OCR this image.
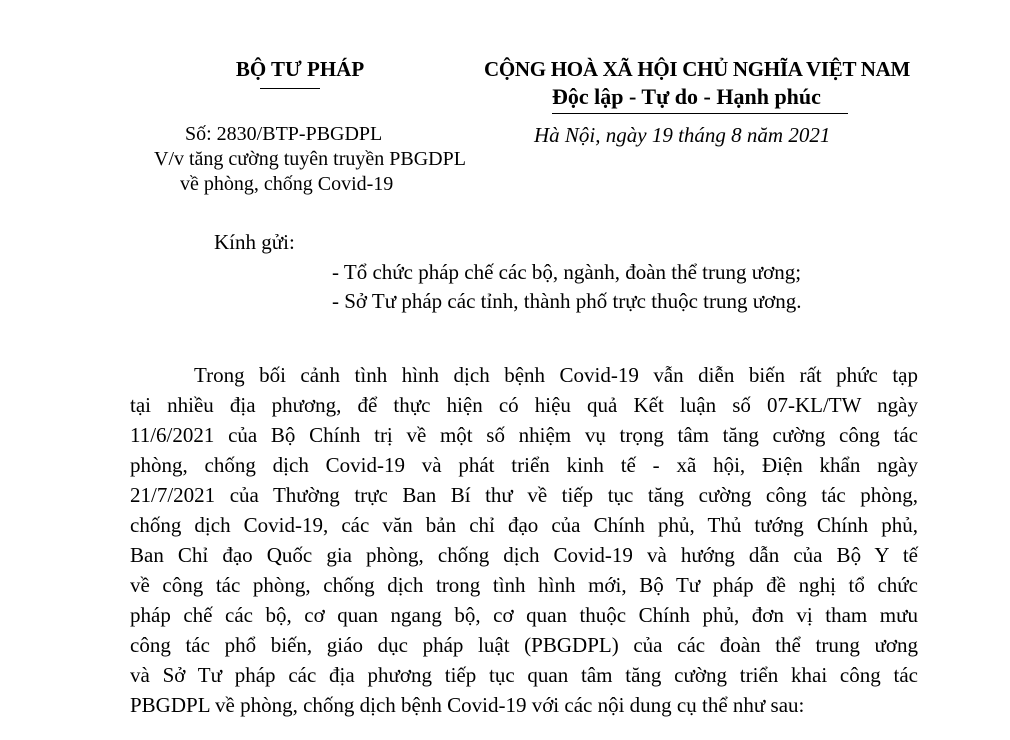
BỘ TƯ PHÁP
Số: 2830/BTP-PBGDPL
V/v tăng cường tuyên truyền PBGDPL
về phòng, chống Covid-19
CỘNG HOÀ XÃ HỘI CHỦ NGHĨA VIỆT NAM
Độc lập - Tự do - Hạnh phúc
Hà Nội, ngày 19 tháng 8 năm 2021
Kính gửi:
- Tổ chức pháp chế các bộ, ngành, đoàn thể trung ương;
- Sở Tư pháp các tỉnh, thành phố trực thuộc trung ương.
Trong bối cảnh tình hình dịch bệnh Covid-19 vẫn diễn biến rất phức tạp
tại nhiều địa phương, để thực hiện có hiệu quả Kết luận số 07-KL/TW ngày
11/6/2021 của Bộ Chính trị về một số nhiệm vụ trọng tâm tăng cường công tác
phòng, chống dịch Covid-19 và phát triển kinh tế - xã hội, Điện khẩn ngày
21/7/2021 của Thường trực Ban Bí thư về tiếp tục tăng cường công tác phòng,
chống dịch Covid-19, các văn bản chỉ đạo của Chính phủ, Thủ tướng Chính phủ,
Ban Chỉ đạo Quốc gia phòng, chống dịch Covid-19 và hướng dẫn của Bộ Y tế
về công tác phòng, chống dịch trong tình hình mới, Bộ Tư pháp đề nghị tổ chức
pháp chế các bộ, cơ quan ngang bộ, cơ quan thuộc Chính phủ, đơn vị tham mưu
công tác phổ biến, giáo dục pháp luật (PBGDPL) của các đoàn thể trung ương
và Sở Tư pháp các địa phương tiếp tục quan tâm tăng cường triển khai công tác
PBGDPL về phòng, chống dịch bệnh Covid-19 với các nội dung cụ thể như sau:
